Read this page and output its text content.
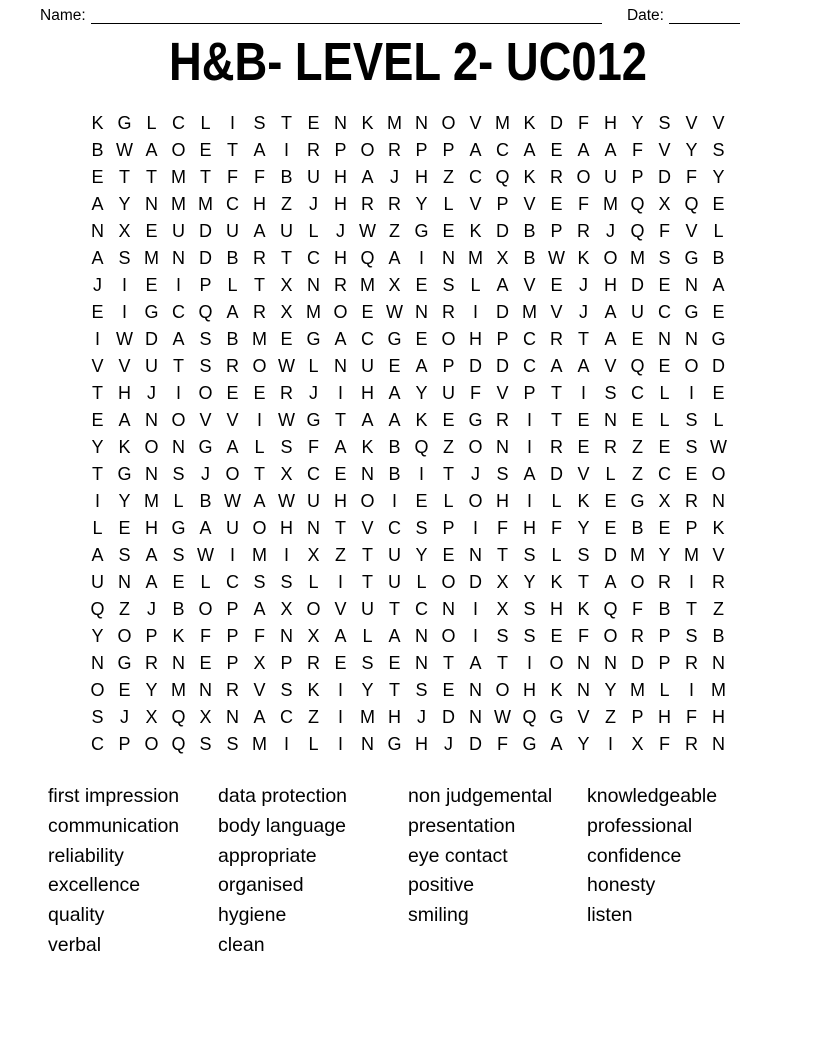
Name:	Date:
H&B- LEVEL 2- UC012
K G L C L	I	S T E N K M N O V M K D F H Y S V V
B W A O E T A	I	R P O R P P A C A E A A F V Y S
E T T M T F F B U H A J H Z C Q K R O U P D F Y
A Y N M M C H Z J H R R Y L V P V E F M Q X Q E
N X E U D U A U L J W Z G E K D B P R J Q F V L
A S M N D B R T C H Q A	I	N M X B W K O M S G B
J	I	E	I	P L T X N R M X E S L A V E J H D E N A
E	I G C Q A R X M O E W N R I	D M V J A U C G E
I W D A S B M E G A C G E O H P C R T A E N N G
V V U T S R O W L N U E A P D D C A A V Q E O D
T H J	I O E E R J	I	H A Y U F V P T	I	S C L	I	E
E A N O V V	I W G T A A K E G R I	T E N E L S L
Y K O N G A L S F A K B Q Z O N I	R E R Z E S W
T G N S J O T X C E N B	I	T J S A D V L Z C E O
I	Y M L B W A W U H O I	E L O H I	L K E G X R N
L E H G A U O H N T V C S P	I	F H F Y E B E P K
A S A S W I M I	X Z T U Y E N T S L S D M Y M V
U N A E L C S S L	I	T U L O D X Y K T A O R I	R
Q Z J B O P A X O V U T C N I	X S H K Q F B T Z
Y O P K F P F N X A L A N O I	S S E F O R P S B
N G R N E P X P R E S E N T A T	I O N N D P R N
O E Y M N R V S K	I	Y T S E N O H K N Y M L	I M
S J X Q X N A C Z	I M H J D N W Q G V Z P H F H
C P O Q S S M I	L	I	N G H J D F G A Y	I	X F R N
first impression
communication
reliability
excellence
quality
verbal
data protection
body language
appropriate
organised
hygiene
clean
non judgemental
presentation
eye contact
positive
smiling
knowledgeable
professional
confidence
honesty
listen
